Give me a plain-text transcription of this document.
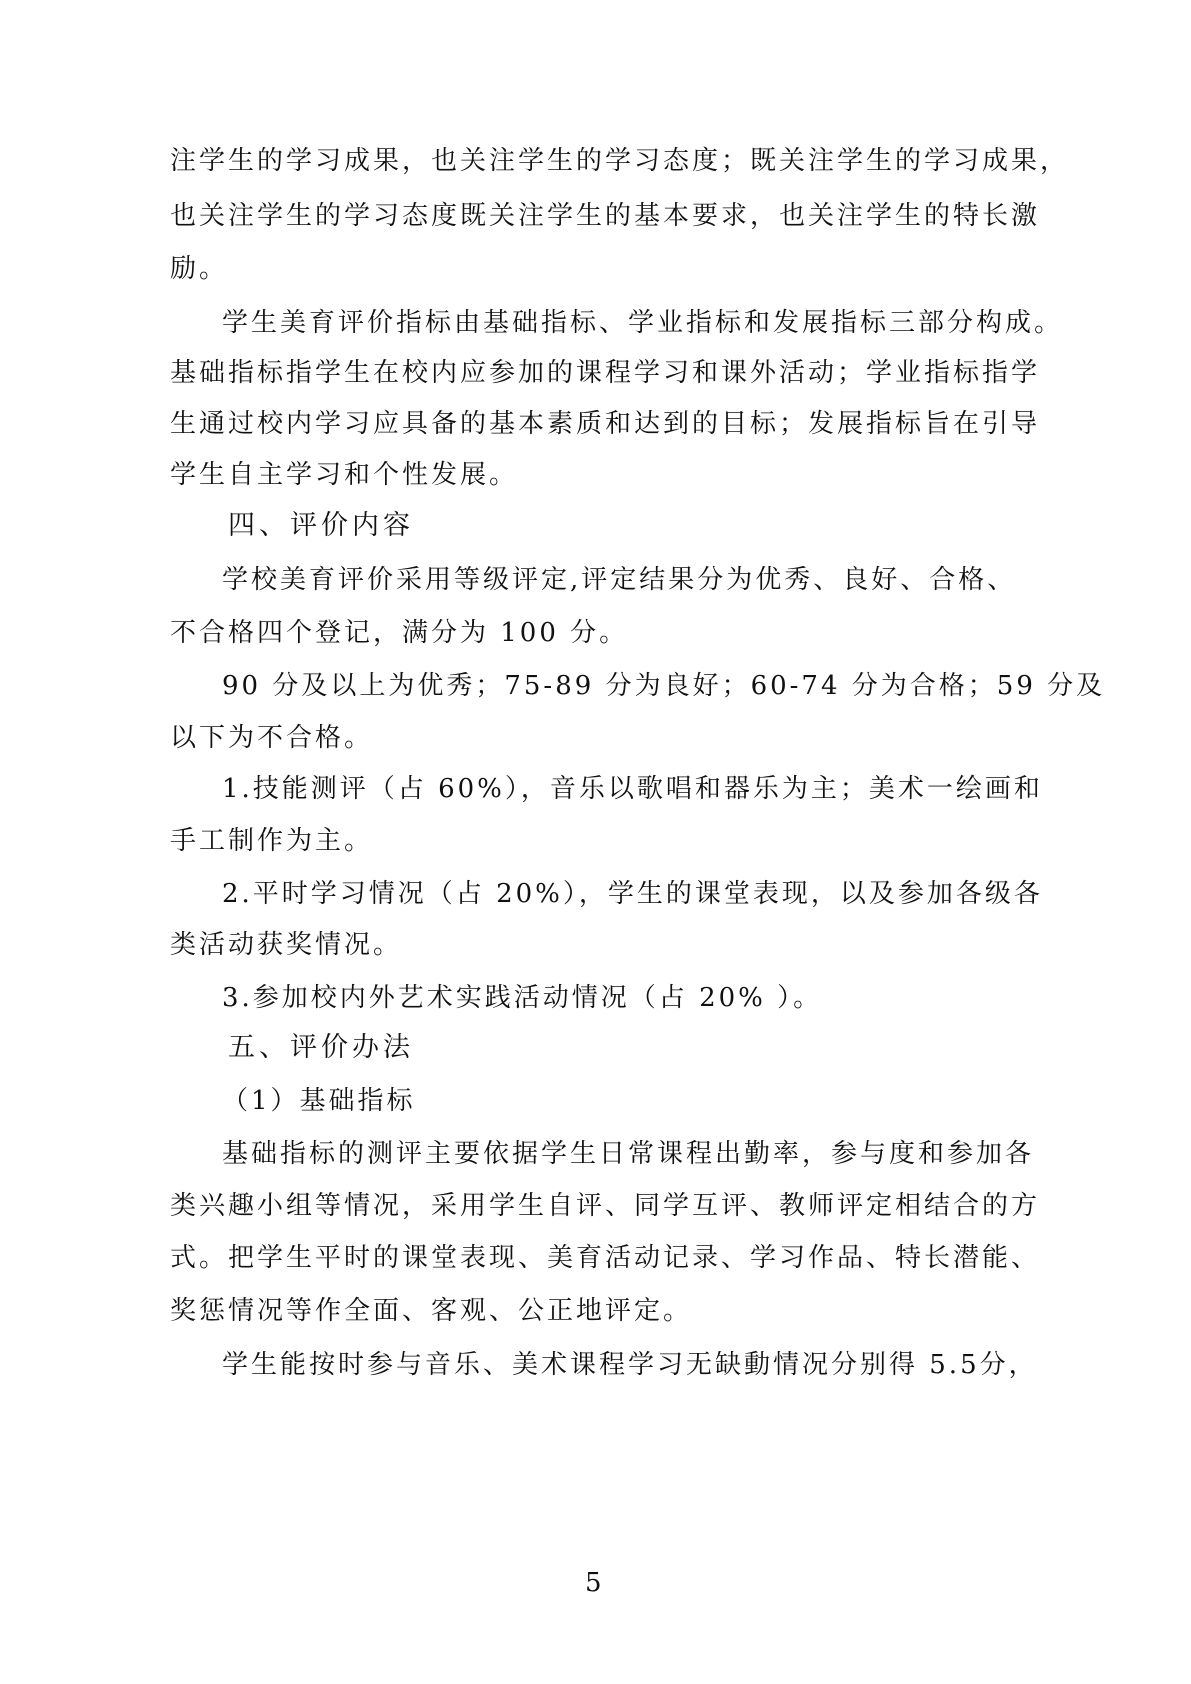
注学生的学习成果，也关注学生的学习态度；既关注学生的学习成果，
也关注学生的学习态度既关注学生的基本要求，也关注学生的特长激
励。
学生美育评价指标由基础指标、学业指标和发展指标三部分构成。
基础指标指学生在校内应参加的课程学习和课外活动；学业指标指学
生通过校内学习应具备的基本素质和达到的目标；发展指标旨在引导
学生自主学习和个性发展。
四、评价内容
学校美育评价采用等级评定,评定结果分为优秀、良好、合格、
不合格四个登记，满分为 100 分。
90 分及以上为优秀；75-89 分为良好；60-74 分为合格；59 分及
以下为不合格。
1.技能测评（占 60%），音乐以歌唱和器乐为主；美术一绘画和
手工制作为主。
2.平时学习情况（占 20%），学生的课堂表现，以及参加各级各
类活动获奖情况。
3.参加校内外艺术实践活动情况（占 20% ）。
五、评价办法
（1）基础指标
基础指标的测评主要依据学生日常课程出勤率，参与度和参加各
类兴趣小组等情况，采用学生自评、同学互评、教师评定相结合的方
式。把学生平时的课堂表现、美育活动记录、学习作品、特长潜能、
奖惩情况等作全面、客观、公正地评定。
学生能按时参与音乐、美术课程学习无缺動情况分别得 5.5分，
5
